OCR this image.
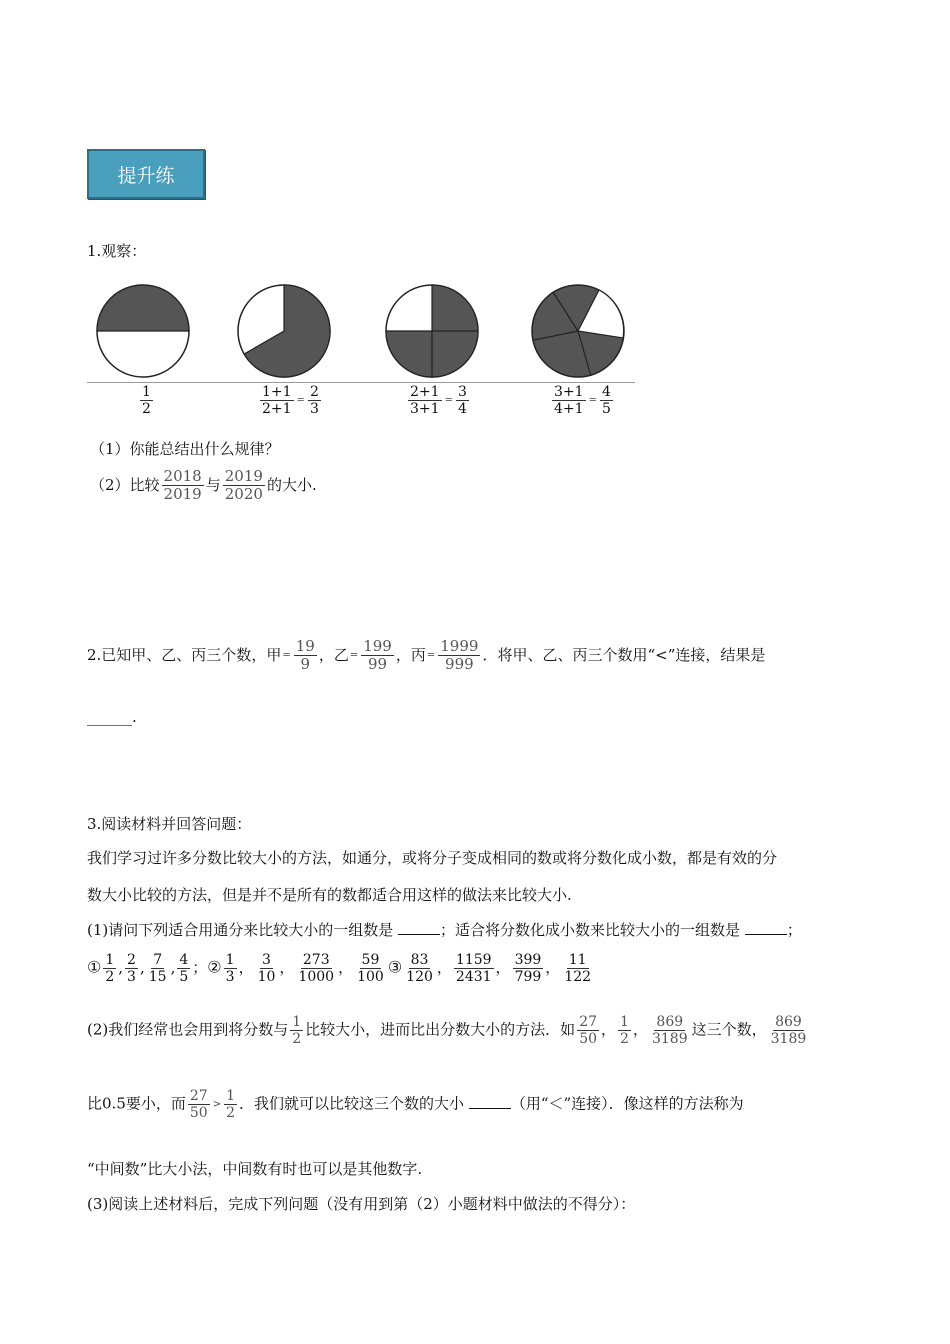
提升练
1.观察：
$\frac{1}{2}$	$\frac{1+1}{2+1} = \frac{2}{3}$	$\frac{2+1}{3+1} = \frac{3}{4}$	$\frac{3+1}{4+1} = \frac{4}{5}$
（1）你能总结出什么规律？
（2）比较 $\frac{2018}{2019}$ 与 $\frac{2019}{2020}$ 的大小.
2.已知甲、乙、丙三个数，甲= $\frac{19}{9}$ ，乙= $\frac{199}{99}$ ，丙= $\frac{1999}{999}$ ．将甲、乙、丙三个数用“<”连接，结果是
______.
3.阅读材料并回答问题：
我们学习过许多分数比较大小的方法，如通分，或将分子变成相同的数或将分数化成小数，都是有效的分
数大小比较的方法，但是并不是所有的数都适合用这样的做法来比较大小.
(1)请问下列适合用通分来比较大小的一组数是	；适合将分数化成小数来比较大小的一组数是	；
① $\frac{1}{2}$ , $\frac{2}{3}$ , $\frac{7}{15}$ , $\frac{4}{5}$ ；② $\frac{1}{3}$ ， $\frac{3}{10}$ ， $\frac{273}{1000}$ ， $\frac{59}{100}$ ③ $\frac{83}{120}$ ， $\frac{1159}{2431}$ ， $\frac{399}{799}$ ， $\frac{11}{122}$
(2)我们经常也会用到将分数与 $\frac{1}{2}$ 比较大小，进而比出分数大小的方法．如 $\frac{27}{50}$ ， $\frac{1}{2}$ ， $\frac{869}{3189}$ 这三个数， $\frac{869}{3189}$
比0.5要小，而 $\frac{27}{50} > \frac{1}{2}$ ．我们就可以比较这三个数的大小	（用“＜”连接）．像这样的方法称为
“中间数”比大小法，中间数有时也可以是其他数字.
(3)阅读上述材料后，完成下列问题（没有用到第（2）小题材料中做法的不得分）：
